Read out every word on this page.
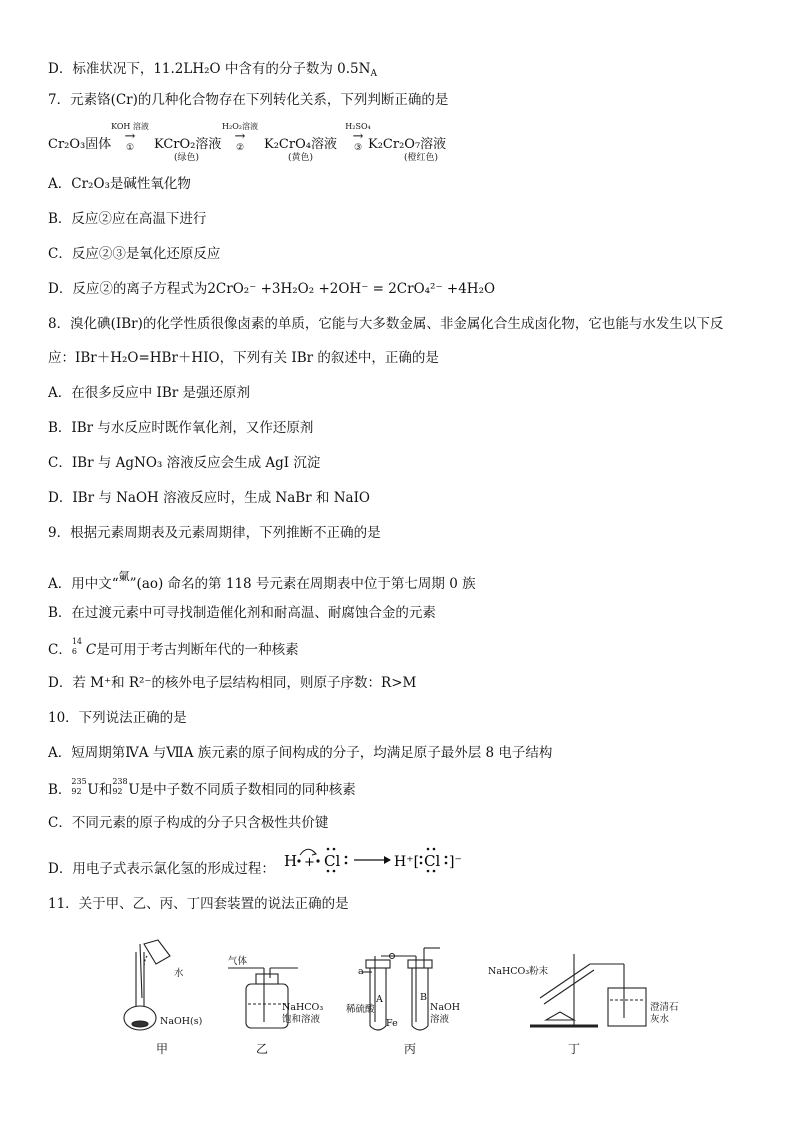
D．标准状况下，11.2LH₂O 中含有的分子数为 $0.5N_A$
7．元素铬(Cr)的几种化合物存在下列转化关系，下列判断正确的是
Cr₂O₃固体
KOH 溶液
→
①	KCrO₂溶液
(绿色)
H₂O₂溶液
→
②	K₂CrO₄溶液
(黄色)
H₂SO₄
→
③ K₂Cr₂O₇溶液
(橙红色)
A．Cr₂O₃是碱性氧化物
B．反应②应在高温下进行
C．反应②③是氧化还原反应
D．反应②的离子方程式为2CrO₂⁻ +3H₂O₂ +2OH⁻ = 2CrO₄²⁻ +4H₂O
8．溴化碘(IBr)的化学性质很像卤素的单质，它能与大多数金属、非金属化合生成卤化物，它也能与水发生以下反
应：IBr＋H₂O=HBr＋HIO，下列有关 IBr 的叙述中，正确的是
A．在很多反应中 IBr 是强还原剂
B．IBr 与水反应时既作氧化剂，又作还原剂
C．IBr 与 AgNO₃ 溶液反应会生成 AgI 沉淀
D．IBr 与 NaOH 溶液反应时，生成 NaBr 和 NaIO
9．根据元素周期表及元素周期律，下列推断不正确的是
A．用中文“氭”(ao) 命名的第 118 号元素在周期表中位于第七周期 0 族
B．在过渡元素中可寻找制造催化剂和耐高温、耐腐蚀合金的元素
C．
14
6 C是可用于考古判断年代的一种核素
D．若 M⁺和 R²⁻的核外电子层结构相同，则原子序数：R>M
10．下列说法正确的是
A．短周期第ⅣA 与ⅦA 族元素的原子间构成的分子，均满足原子最外层 8 电子结构
B．
235
92 U和
238
92 U是中子数不同质子数相同的同种核素
C．不同元素的原子构成的分子只含极性共价键
D．用电子式表示氯化氢的形成过程： H + Cl	H⁺[ Cl ]⁻
11．关于甲、乙、丙、丁四套装置的说法正确的是
水
NaOH(s)
甲
气体
NaHCO₃
饱和溶液
乙
a
A	B
稀硫酸
Fe
NaOH
溶液
丙
NaHCO₃粉末
澄清石
灰水
丁
